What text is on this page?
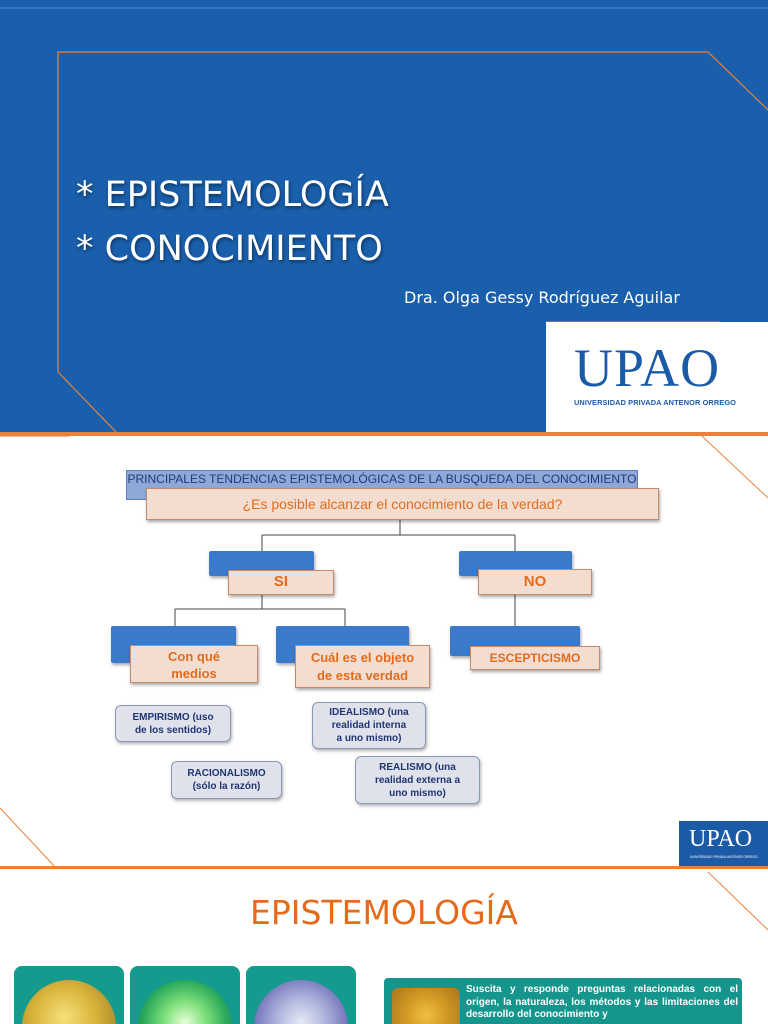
* EPISTEMOLOGÍA
* CONOCIMIENTO
Dra. Olga Gessy Rodríguez Aguilar
UPAO
UNIVERSIDAD PRIVADA ANTENOR ORREGO
PRINCIPALES TENDENCIAS EPISTEMOLÓGICAS DE LA BUSQUEDA DEL CONOCIMIENTO
¿Es posible alcanzar el conocimiento de la verdad?
SI	NO
Con qué
medios
Cuál es el objeto
de esta verdad
ESCEPTICISMO
EMPIRISMO (uso
de los sentidos)
IDEALISMO (una
realidad interna
a uno mismo)
RACIONALISMO
(sólo la razón)
REALISMO (una
realidad externa a
uno mismo)
UPAO
UNIVERSIDAD PRIVADA ANTENOR ORREGO
EPISTEMOLOGÍA
Suscita y responde preguntas relacionadas con el origen, la naturaleza, los métodos y las limitaciones del desarrollo del conocimiento y
